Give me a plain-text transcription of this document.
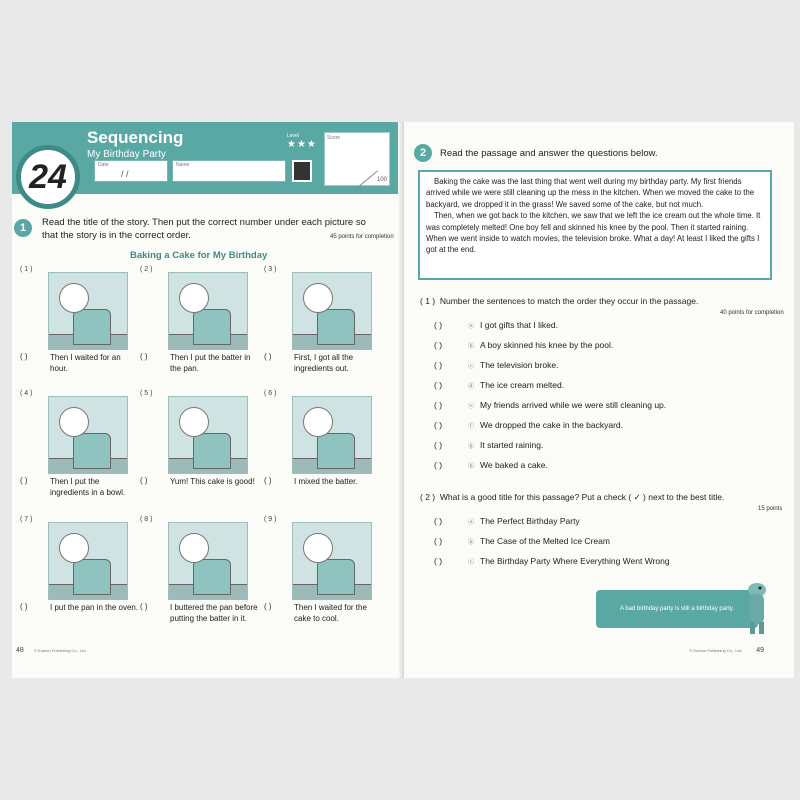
Sequencing
My Birthday Party
Date
/ /
Name
Level
★★★
Score
100
24
1	Read the title of the story. Then put the correct number under each picture so that the story is in the correct order.	45 points for completion
Baking a Cake for My Birthday
( 1 )
( )	Then I waited for an hour.
( 2 )
( )	Then I put the batter in the pan.
( 3 )
( )	First, I got all the ingredients out.
( 4 )
( )	Then I put the ingredients in a bowl.
( 5 )
( )	Yum! This cake is good!
( 6 )
( )	I mixed the batter.
( 7 )
( )	I put the pan in the oven.
( 8 )
( )	I buttered the pan before putting the batter in it.
( 9 )
( )	Then I waited for the cake to cool.
48	© Kumon Publishing Co., Ltd.
2	Read the passage and answer the questions below.

Baking the cake was the last thing that went well during my birthday party. My first friends arrived while we were still cleaning up the mess in the kitchen. When we moved the cake to the backyard, we dropped it in the grass! We saved some of the cake, but not much.

Then, when we got back to the kitchen, we saw that we left the ice cream out the whole time. It was completely melted! One boy fell and skinned his knee by the pool. Then it started raining. When we went inside to watch movies, the television broke. What a day! At least I liked the gifts I got at the end.

( 1 ) Number the sentences to match the order they occur in the passage.
40 points for completion
( )	ⓐ I got gifts that I liked.
( )	ⓑ A boy skinned his knee by the pool.
( )	ⓒ The television broke.
( )	ⓓ The ice cream melted.
( )	ⓔ My friends arrived while we were still cleaning up.
( )	ⓕ We dropped the cake in the backyard.
( )	ⓖ It started raining.
( )	ⓗ We baked a cake.
( 2 ) What is a good title for this passage? Put a check ( ✓ ) next to the best title.
15 points
( )	ⓐ The Perfect Birthday Party
( )	ⓑ The Case of the Melted Ice Cream
( )	ⓒ The Birthday Party Where Everything Went Wrong
A bad birthday party is still a birthday party.
49
© Kumon Publishing Co., Ltd.
